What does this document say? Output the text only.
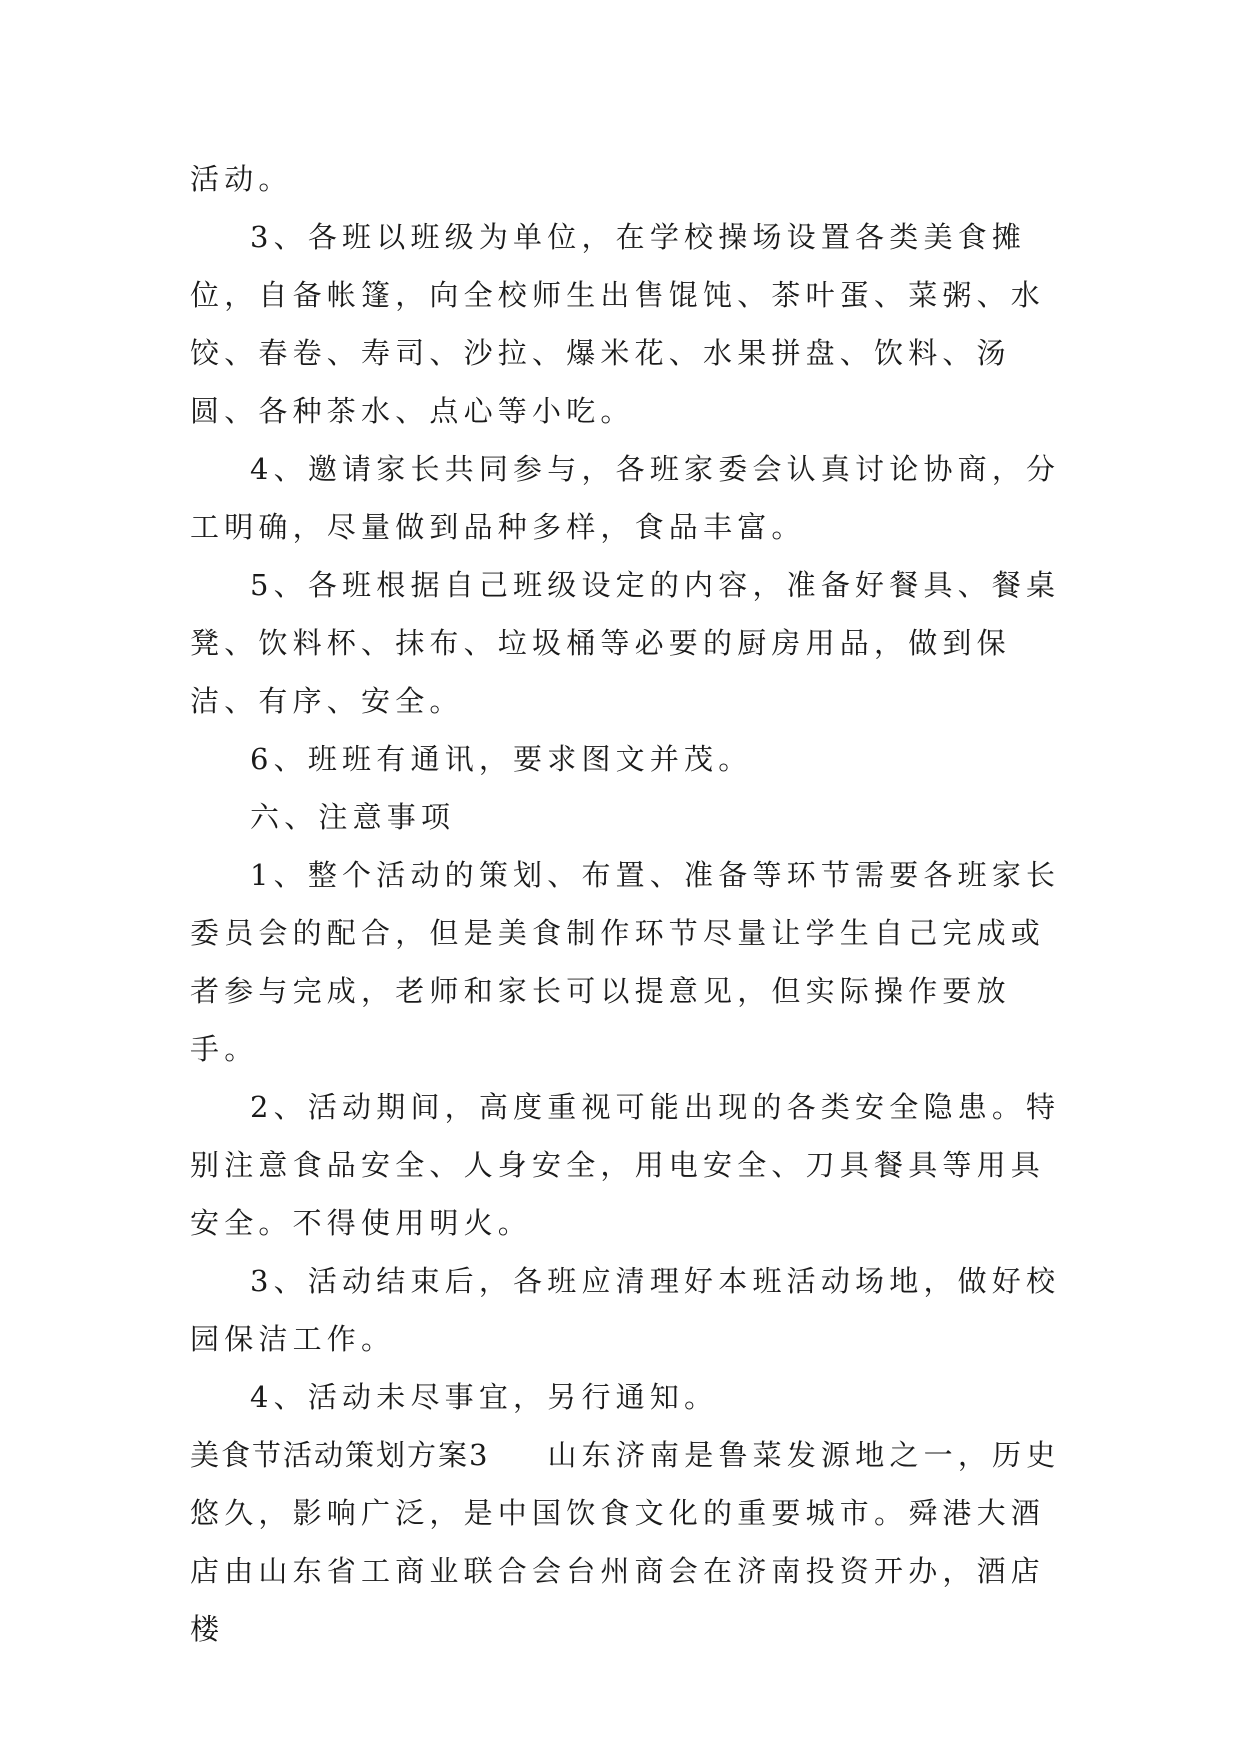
活动。

3、各班以班级为单位，在学校操场设置各类美食摊位，自备帐篷，向全校师生出售馄饨、茶叶蛋、菜粥、水饺、春卷、寿司、沙拉、爆米花、水果拼盘、饮料、汤圆、各种茶水、点心等小吃。

4、邀请家长共同参与，各班家委会认真讨论协商，分工明确，尽量做到品种多样，食品丰富。

5、各班根据自己班级设定的内容，准备好餐具、餐桌凳、饮料杯、抹布、垃圾桶等必要的厨房用品，做到保洁、有序、安全。

6、班班有通讯，要求图文并茂。

六、注意事项

1、整个活动的策划、布置、准备等环节需要各班家长委员会的配合，但是美食制作环节尽量让学生自己完成或者参与完成，老师和家长可以提意见，但实际操作要放手。

2、活动期间，高度重视可能出现的各类安全隐患。特别注意食品安全、人身安全，用电安全、刀具餐具等用具安全。不得使用明火。

3、活动结束后，各班应清理好本班活动场地，做好校园保洁工作。

4、活动未尽事宜，另行通知。

美食节活动策划方案3 山东济南是鲁菜发源地之一，历史悠久，影响广泛，是中国饮食文化的重要城市。舜港大酒店由山东省工商业联合会台州商会在济南投资开办，酒店楼
